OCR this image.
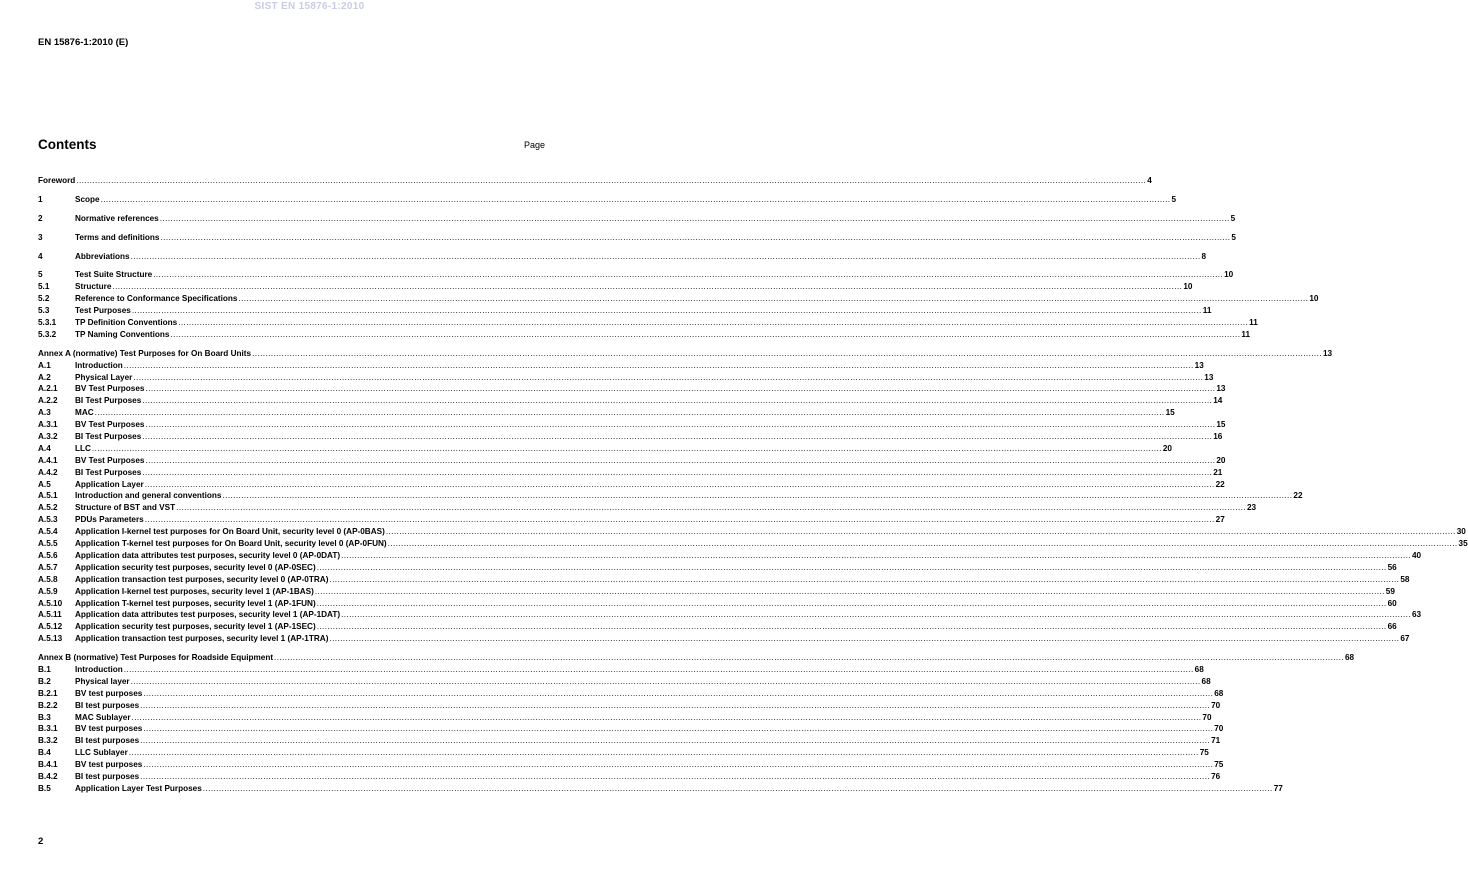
SIST EN 15876-1:2010
EN 15876-1:2010 (E)
Contents	Page
Foreword ................................................................................................................................................................................................................................................................................................................................................................................................................ 4
1	Scope ................................................................................................................................................................................................................................................................................................................................................................................................................ 5
2	Normative references ................................................................................................................................................................................................................................................................................................................................................................................................................ 5
3	Terms and definitions ................................................................................................................................................................................................................................................................................................................................................................................................................ 5
4	Abbreviations ................................................................................................................................................................................................................................................................................................................................................................................................................ 8
5	Test Suite Structure ................................................................................................................................................................................................................................................................................................................................................................................................................ 10
5.1	Structure ................................................................................................................................................................................................................................................................................................................................................................................................................ 10
5.2	Reference to Conformance Specifications ................................................................................................................................................................................................................................................................................................................................................................................................................ 10
5.3	Test Purposes ................................................................................................................................................................................................................................................................................................................................................................................................................ 11
5.3.1 TP Definition Conventions ................................................................................................................................................................................................................................................................................................................................................................................................................ 11
5.3.2 TP Naming Conventions ................................................................................................................................................................................................................................................................................................................................................................................................................ 11
Annex A (normative) Test Purposes for On Board Units ................................................................................................................................................................................................................................................................................................................................................................................................................ 13
A.1	Introduction ................................................................................................................................................................................................................................................................................................................................................................................................................ 13
A.2	Physical Layer ................................................................................................................................................................................................................................................................................................................................................................................................................ 13
A.2.1 BV Test Purposes ................................................................................................................................................................................................................................................................................................................................................................................................................ 13
A.2.2 BI Test Purposes ................................................................................................................................................................................................................................................................................................................................................................................................................ 14
A.3	MAC ................................................................................................................................................................................................................................................................................................................................................................................................................ 15
A.3.1 BV Test Purposes ................................................................................................................................................................................................................................................................................................................................................................................................................ 15
A.3.2 BI Test Purposes ................................................................................................................................................................................................................................................................................................................................................................................................................ 16
A.4	LLC ................................................................................................................................................................................................................................................................................................................................................................................................................ 20
A.4.1 BV Test Purposes ................................................................................................................................................................................................................................................................................................................................................................................................................ 20
A.4.2 BI Test Purposes ................................................................................................................................................................................................................................................................................................................................................................................................................ 21
A.5	Application Layer ................................................................................................................................................................................................................................................................................................................................................................................................................ 22
A.5.1 Introduction and general conventions ................................................................................................................................................................................................................................................................................................................................................................................................................ 22
A.5.2 Structure of BST and VST ................................................................................................................................................................................................................................................................................................................................................................................................................ 23
A.5.3 PDUs Parameters ................................................................................................................................................................................................................................................................................................................................................................................................................ 27
A.5.4 Application I-kernel test purposes for On Board Unit, security level 0 (AP-0BAS) ................................................................................................................................................................................................................................................................................................................................................................................................................ 30
A.5.5 Application T-kernel test purposes for On Board Unit, security level 0 (AP-0FUN) ................................................................................................................................................................................................................................................................................................................................................................................................................ 35
A.5.6 Application data attributes test purposes, security level 0 (AP-0DAT) ................................................................................................................................................................................................................................................................................................................................................................................................................ 40
A.5.7 Application security test purposes, security level 0 (AP-0SEC) ................................................................................................................................................................................................................................................................................................................................................................................................................ 56
A.5.8 Application transaction test purposes, security level 0 (AP-0TRA) ................................................................................................................................................................................................................................................................................................................................................................................................................ 58
A.5.9 Application I-kernel test purposes, security level 1 (AP-1BAS) ................................................................................................................................................................................................................................................................................................................................................................................................................ 59
A.5.10 Application T-kernel test purposes, security level 1 (AP-1FUN) ................................................................................................................................................................................................................................................................................................................................................................................................................ 60
A.5.11 Application data attributes test purposes, security level 1 (AP-1DAT) ................................................................................................................................................................................................................................................................................................................................................................................................................ 63
A.5.12 Application security test purposes, security level 1 (AP-1SEC) ................................................................................................................................................................................................................................................................................................................................................................................................................ 66
A.5.13 Application transaction test purposes, security level 1 (AP-1TRA) ................................................................................................................................................................................................................................................................................................................................................................................................................ 67
Annex B (normative) Test Purposes for Roadside Equipment ................................................................................................................................................................................................................................................................................................................................................................................................................ 68
B.1	Introduction ................................................................................................................................................................................................................................................................................................................................................................................................................ 68
B.2	Physical layer ................................................................................................................................................................................................................................................................................................................................................................................................................ 68
B.2.1 BV test purposes ................................................................................................................................................................................................................................................................................................................................................................................................................ 68
B.2.2 BI test purposes ................................................................................................................................................................................................................................................................................................................................................................................................................ 70
B.3	MAC Sublayer ................................................................................................................................................................................................................................................................................................................................................................................................................ 70
B.3.1 BV test purposes ................................................................................................................................................................................................................................................................................................................................................................................................................ 70
B.3.2 BI test purposes ................................................................................................................................................................................................................................................................................................................................................................................................................ 71
B.4	LLC Sublayer ................................................................................................................................................................................................................................................................................................................................................................................................................ 75
B.4.1 BV test purposes ................................................................................................................................................................................................................................................................................................................................................................................................................ 75
B.4.2 BI test purposes ................................................................................................................................................................................................................................................................................................................................................................................................................ 76
B.5	Application Layer Test Purposes ................................................................................................................................................................................................................................................................................................................................................................................................................ 77
2
